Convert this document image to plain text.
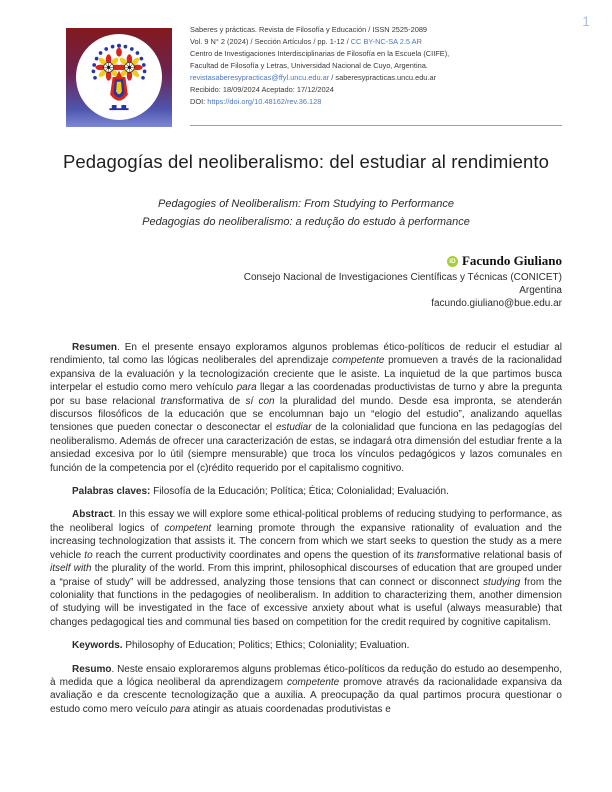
1
Saberes y prácticas. Revista de Filosofía y Educación / ISSN 2525-2089
Vol. 9 N° 2 (2024) / Sección Artículos / pp. 1-12 / CC BY-NC-SA 2.5 AR
Centro de Investigaciones Interdisciplinarias de Filosofía en la Escuela (CIIFE),
Facultad de Filosofía y Letras, Universidad Nacional de Cuyo, Argentina.
revistasaberesypracticas@ffyl.uncu.edu.ar / saberesypracticas.uncu.edu.ar
Recibido: 18/09/2024 Aceptado: 17/12/2024
DOI: https://doi.org/10.48162/rev.36.128
Pedagogías del neoliberalismo: del estudiar al rendimiento
Pedagogies of Neoliberalism: From Studying to Performance
Pedagogias do neoliberalismo: a redução do estudo à performance
iD Facundo Giuliano
Consejo Nacional de Investigaciones Científicas y Técnicas (CONICET)
Argentina
facundo.giuliano@bue.edu.ar

Resumen. En el presente ensayo exploramos algunos problemas ético-políticos de reducir el estudiar al rendimiento, tal como las lógicas neoliberales del aprendizaje competente promueven a través de la racionalidad expansiva de la evaluación y la tecnologización creciente que le asiste. La inquietud de la que partimos busca interpelar el estudio como mero vehículo para llegar a las coordenadas productivistas de turno y abre la pregunta por su base relacional transformativa de sí con la pluralidad del mundo. Desde esa impronta, se atenderán discursos filosóficos de la educación que se encolumnan bajo un “elogio del estudio”, analizando aquellas tensiones que pueden conectar o desconectar el estudiar de la colonialidad que funciona en las pedagogías del neoliberalismo. Además de ofrecer una caracterización de estas, se indagará otra dimensión del estudiar frente a la ansiedad excesiva por lo útil (siempre mensurable) que troca los vínculos pedagógicos y lazos comunales en función de la competencia por el (c)rédito requerido por el capitalismo cognitivo.

Palabras claves: Filosofía de la Educación; Política; Ética; Colonialidad; Evaluación.

Abstract. In this essay we will explore some ethical-political problems of reducing studying to performance, as the neoliberal logics of competent learning promote through the expansive rationality of evaluation and the increasing technologization that assists it. The concern from which we start seeks to question the study as a mere vehicle to reach the current productivity coordinates and opens the question of its transformative relational basis of itself with the plurality of the world. From this imprint, philosophical discourses of education that are grouped under a “praise of study” will be addressed, analyzing those tensions that can connect or disconnect studying from the coloniality that functions in the pedagogies of neoliberalism. In addition to characterizing them, another dimension of studying will be investigated in the face of excessive anxiety about what is useful (always measurable) that changes pedagogical ties and communal ties based on competition for the credit required by cognitive capitalism.

Keywords. Philosophy of Education; Politics; Ethics; Coloniality; Evaluation.

Resumo. Neste ensaio exploraremos alguns problemas ético-políticos da redução do estudo ao desempenho, à medida que a lógica neoliberal da aprendizagem competente promove através da racionalidade expansiva da avaliação e da crescente tecnologização que a auxilia. A preocupação da qual partimos procura questionar o estudo como mero veículo para atingir as atuais coordenadas produtivistas e
